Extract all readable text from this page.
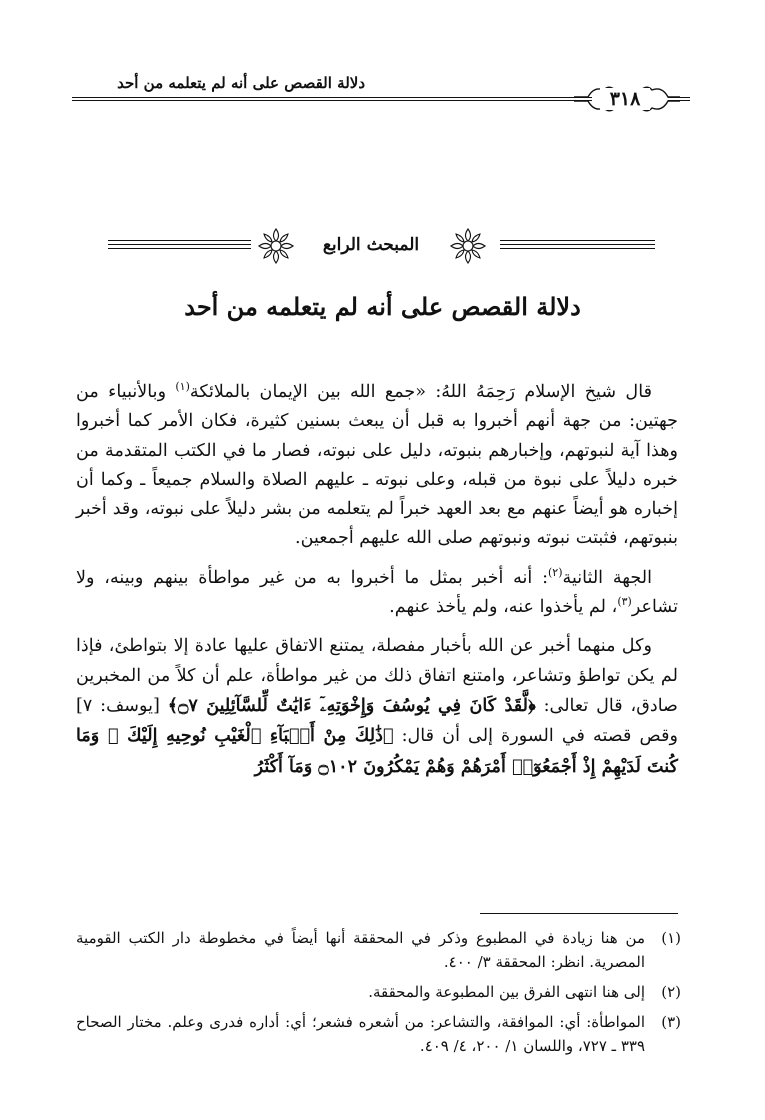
دلالة القصص على أنه لم يتعلمه من أحد
٣١٨
المبحث الرابع
دلالة القصص على أنه لم يتعلمه من أحد

قال شيخ الإسلام رَحِمَهُ اللهُ: «جمع الله بين الإيمان بالملائكة$^{(١)}$ وبالأنبياء من جهتين: من جهة أنهم أخبروا به قبل أن يبعث بسنين كثيرة، فكان الأمر كما أخبروا وهذا آية لنبوتهم، وإخبارهم بنبوته، دليل على نبوته، فصار ما في الكتب المتقدمة من خبره دليلاً على نبوة من قبله، وعلى نبوته ـ عليهم الصلاة والسلام جميعاً ـ وكما أن إخباره هو أيضاً عنهم مع بعد العهد خبراً لم يتعلمه من بشر دليلاً على نبوته، وقد أخبر بنبوتهم، فثبتت نبوته ونبوتهم صلى الله عليهم أجمعين.

الجهة الثانية$^{(٢)}$: أنه أخبر بمثل ما أخبروا به من غير مواطأة بينهم وبينه، ولا تشاعر$^{(٣)}$، لم يأخذوا عنه، ولم يأخذ عنهم.

وكل منهما أخبر عن الله بأخبار مفصلة، يمتنع الاتفاق عليها عادة إلا بتواطئ، فإذا لم يكن تواطؤ وتشاعر، وامتنع اتفاق ذلك من غير مواطأة، علم أن كلاً من المخبرين صادق، قال تعالى: ﴿لَّقَدْ كَانَ فِي يُوسُفَ وَإِخْوَتِهِۦٓ ءَايَٰتٌ لِّلسَّآئِلِينَ ۝٧﴾ [يوسف: ٧] وقص قصته في السورة إلى أن قال: ﴿ذَٰلِكَ مِنْ أَنۢبَآءِ ٱلْغَيْبِ نُوحِيهِ إِلَيْكَ ۖ وَمَا كُنتَ لَدَيْهِمْ إِذْ أَجْمَعُوٓا۟ أَمْرَهُمْ وَهُمْ يَمْكُرُونَ ۝١٠٢ وَمَآ أَكْثَرُ

(١)
من هنا زيادة في المطبوع وذكر في المحققة أنها أيضاً في مخطوطة دار الكتب القومية المصرية. انظر: المحققة ٣/ ٤٠٠.
(٢)
إلى هنا انتهى الفرق بين المطبوعة والمحققة.
(٣)
المواطأة: أي: الموافقة، والتشاعر: من أشعره فشعر؛ أي: أداره فدرى وعلم. مختار الصحاح ٣٣٩ ـ ٧٢٧، واللسان ١/ ٢٠٠، ٤/ ٤٠٩.
